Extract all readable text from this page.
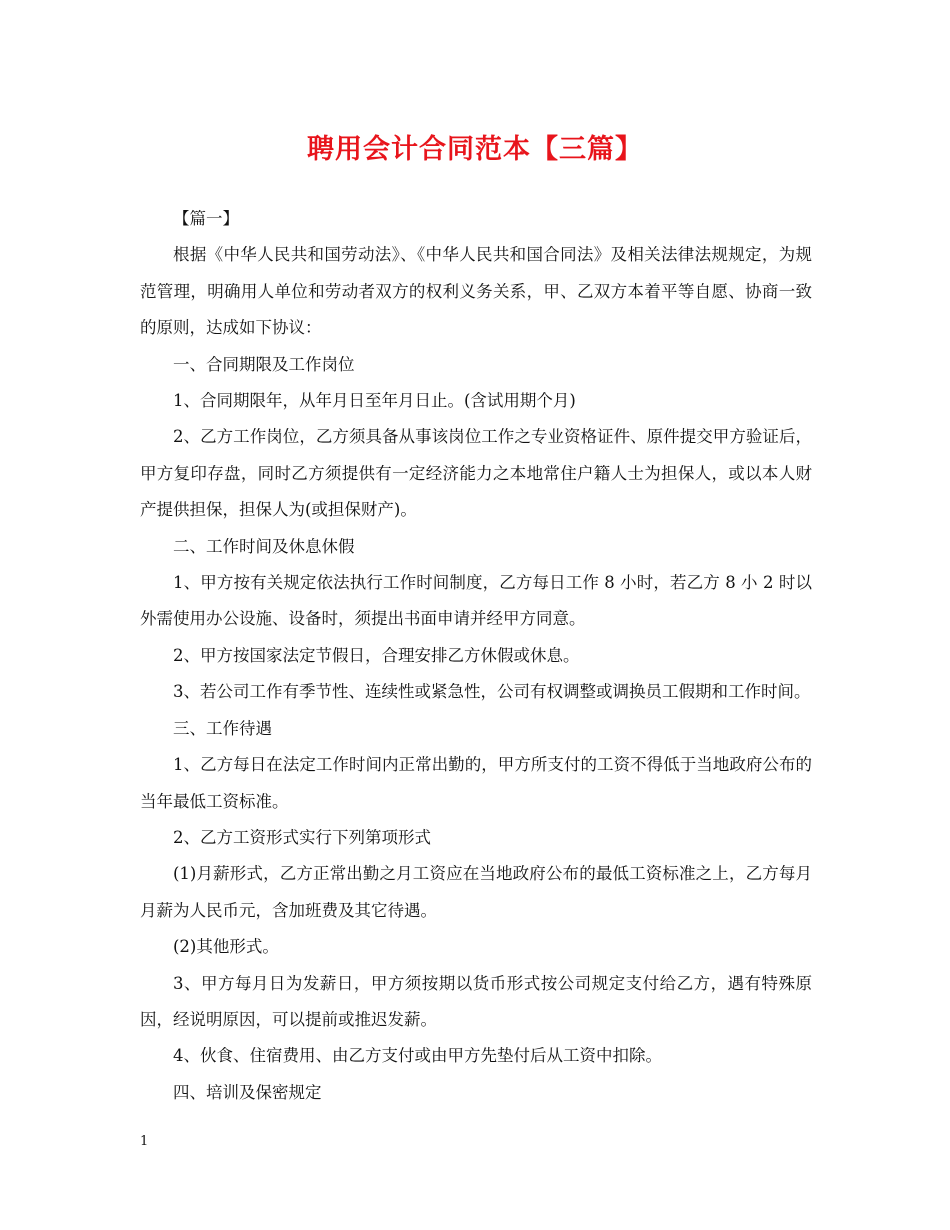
聘用会计合同范本【三篇】

【篇一】

根据《中华人民共和国劳动法》、《中华人民共和国合同法》及相关法律法规规定，为规范管理，明确用人单位和劳动者双方的权利义务关系，甲、乙双方本着平等自愿、协商一致的原则，达成如下协议：

一、合同期限及工作岗位

1、合同期限年，从年月日至年月日止。(含试用期个月)

2、乙方工作岗位，乙方须具备从事该岗位工作之专业资格证件、原件提交甲方验证后，甲方复印存盘，同时乙方须提供有一定经济能力之本地常住户籍人士为担保人，或以本人财产提供担保，担保人为(或担保财产)。

二、工作时间及休息休假

1、甲方按有关规定依法执行工作时间制度，乙方每日工作 8 小时，若乙方 8 小 2 时以外需使用办公设施、设备时，须提出书面申请并经甲方同意。

2、甲方按国家法定节假日，合理安排乙方休假或休息。

3、若公司工作有季节性、连续性或紧急性，公司有权调整或调换员工假期和工作时间。

三、工作待遇

1、乙方每日在法定工作时间内正常出勤的，甲方所支付的工资不得低于当地政府公布的当年最低工资标准。

2、乙方工资形式实行下列第项形式

(1)月薪形式，乙方正常出勤之月工资应在当地政府公布的最低工资标准之上，乙方每月月薪为人民币元，含加班费及其它待遇。

(2)其他形式。

3、甲方每月日为发薪日，甲方须按期以货币形式按公司规定支付给乙方，遇有特殊原因，经说明原因，可以提前或推迟发薪。

4、伙食、住宿费用、由乙方支付或由甲方先垫付后从工资中扣除。

四、培训及保密规定

1
